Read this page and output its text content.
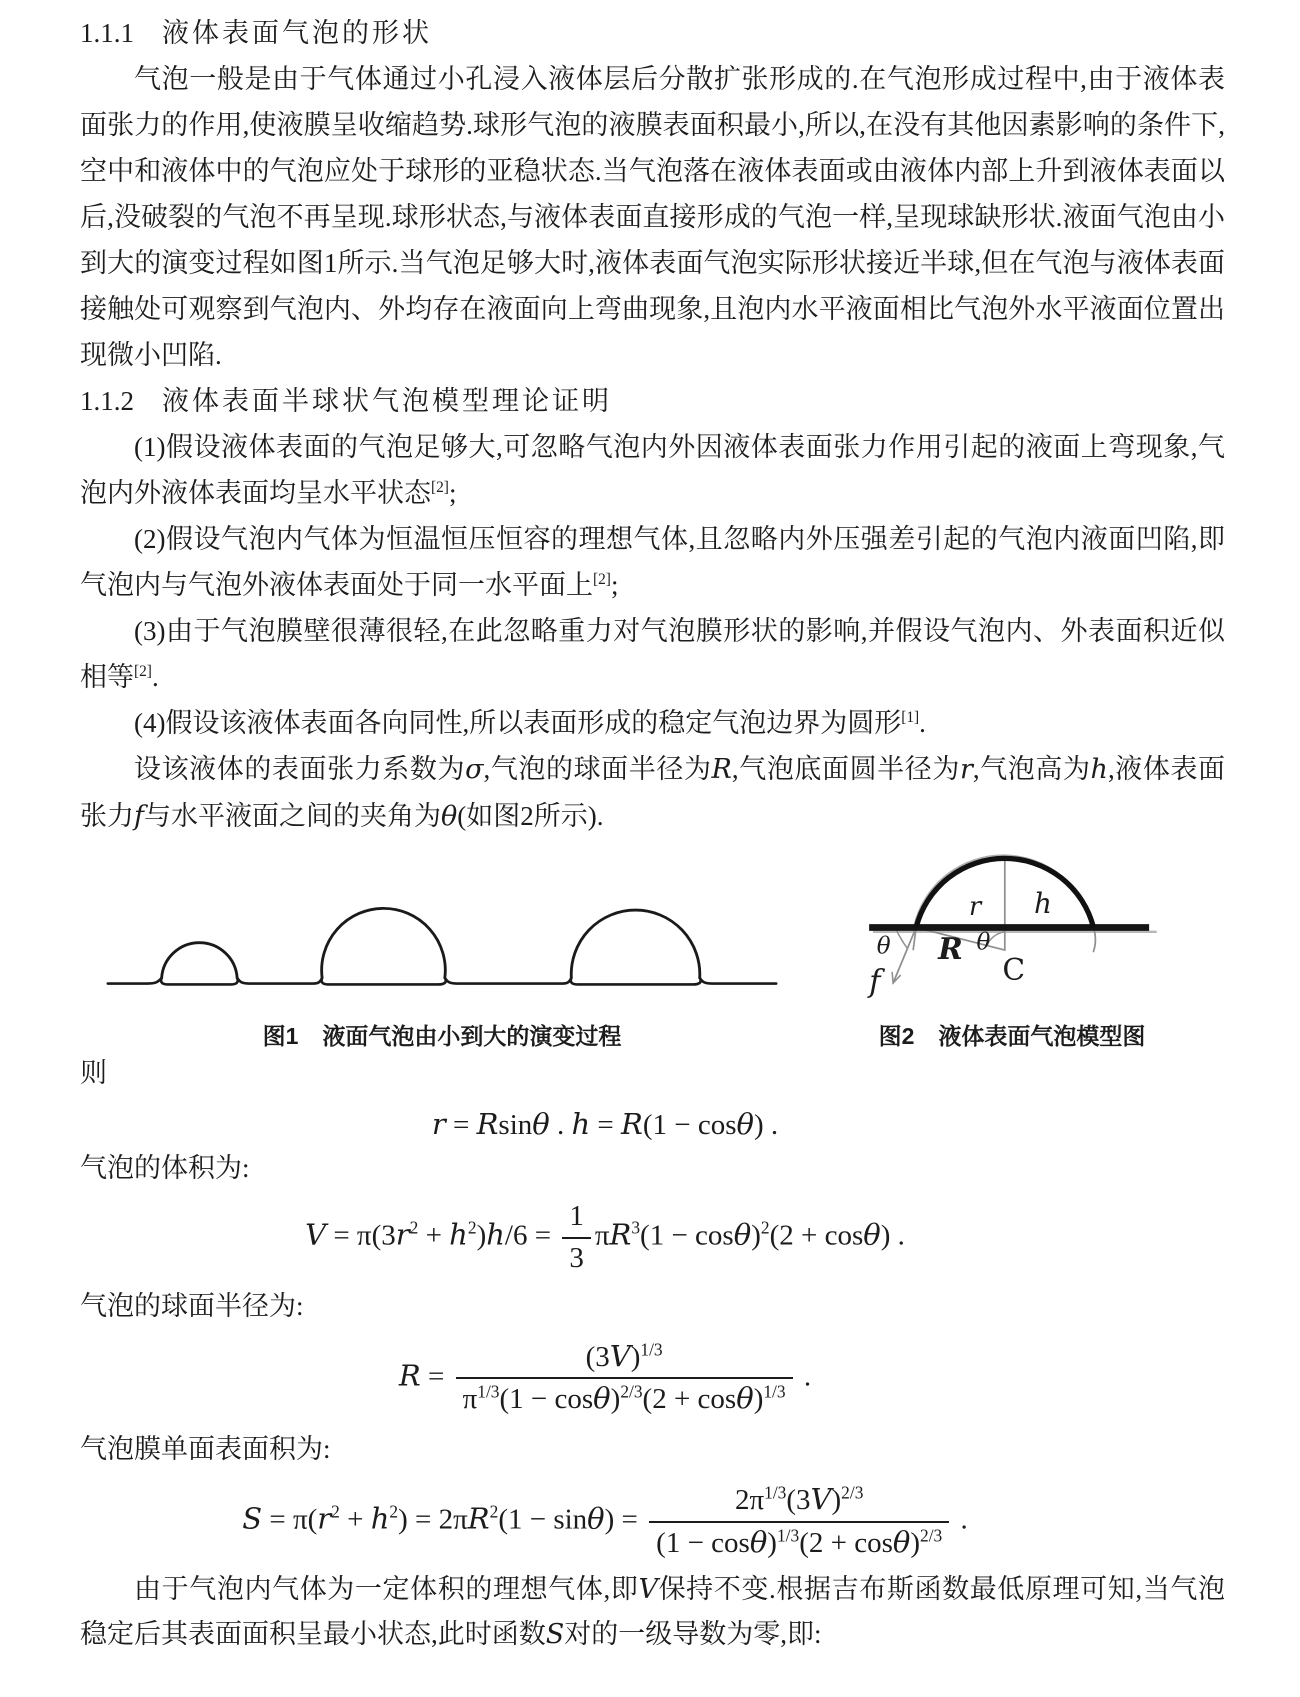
1.1.1 液体表面气泡的形状

气泡一般是由于气体通过小孔浸入液体层后分散扩张形成的.在气泡形成过程中,由于液体表面张力的作用,使液膜呈收缩趋势.球形气泡的液膜表面积最小,所以,在没有其他因素影响的条件下,空中和液体中的气泡应处于球形的亚稳状态.当气泡落在液体表面或由液体内部上升到液体表面以后,没破裂的气泡不再呈现.球形状态,与液体表面直接形成的气泡一样,呈现球缺形状.液面气泡由小到大的演变过程如图1所示.当气泡足够大时,液体表面气泡实际形状接近半球,但在气泡与液体表面接触处可观察到气泡内、外均存在液面向上弯曲现象,且泡内水平液面相比气泡外水平液面位置出现微小凹陷.

1.1.2 液体表面半球状气泡模型理论证明

(1)假设液体表面的气泡足够大,可忽略气泡内外因液体表面张力作用引起的液面上弯现象,气泡内外液体表面均呈水平状态[2];

(2)假设气泡内气体为恒温恒压恒容的理想气体,且忽略内外压强差引起的气泡内液面凹陷,即气泡内与气泡外液体表面处于同一水平面上[2];

(3)由于气泡膜壁很薄很轻,在此忽略重力对气泡膜形状的影响,并假设气泡内、外表面积近似相等[2].

(4)假设该液体表面各向同性,所以表面形成的稳定气泡边界为圆形[1].

设该液体的表面张力系数为σ,气泡的球面半径为R,气泡底面圆半径为r,气泡高为h,液体表面张力f与水平液面之间的夹角为θ(如图2所示).

图1 液面气泡由小到大的演变过程
r h
θ R θ
C
f
图2 液体表面气泡模型图

则

r = Rsinθ . h = R(1 − cosθ) .

气泡的体积为:

$V = \pi(3r^2 + h^2)h/6 = \frac{1}{3} \pi R^3(1 - \cos\theta)^2(2 + \cos\theta)$ .

气泡的球面半径为:

$R = \frac{(3V)^{1/3}}{\pi^{1/3}(1 - \cos\theta)^{2/3}(2 + \cos\theta)^{1/3}}$ .

气泡膜单面表面积为:

$S = \pi(r^2 + h^2) = 2\pi R^2(1 - \sin\theta) = \frac{2\pi^{1/3}(3V)^{2/3}}{(1 - \cos\theta)^{1/3}(2 + \cos\theta)^{2/3}}$ .

由于气泡内气体为一定体积的理想气体,即V保持不变.根据吉布斯函数最低原理可知,当气泡稳定后其表面面积呈最小状态,此时函数S对的一级导数为零,即:
